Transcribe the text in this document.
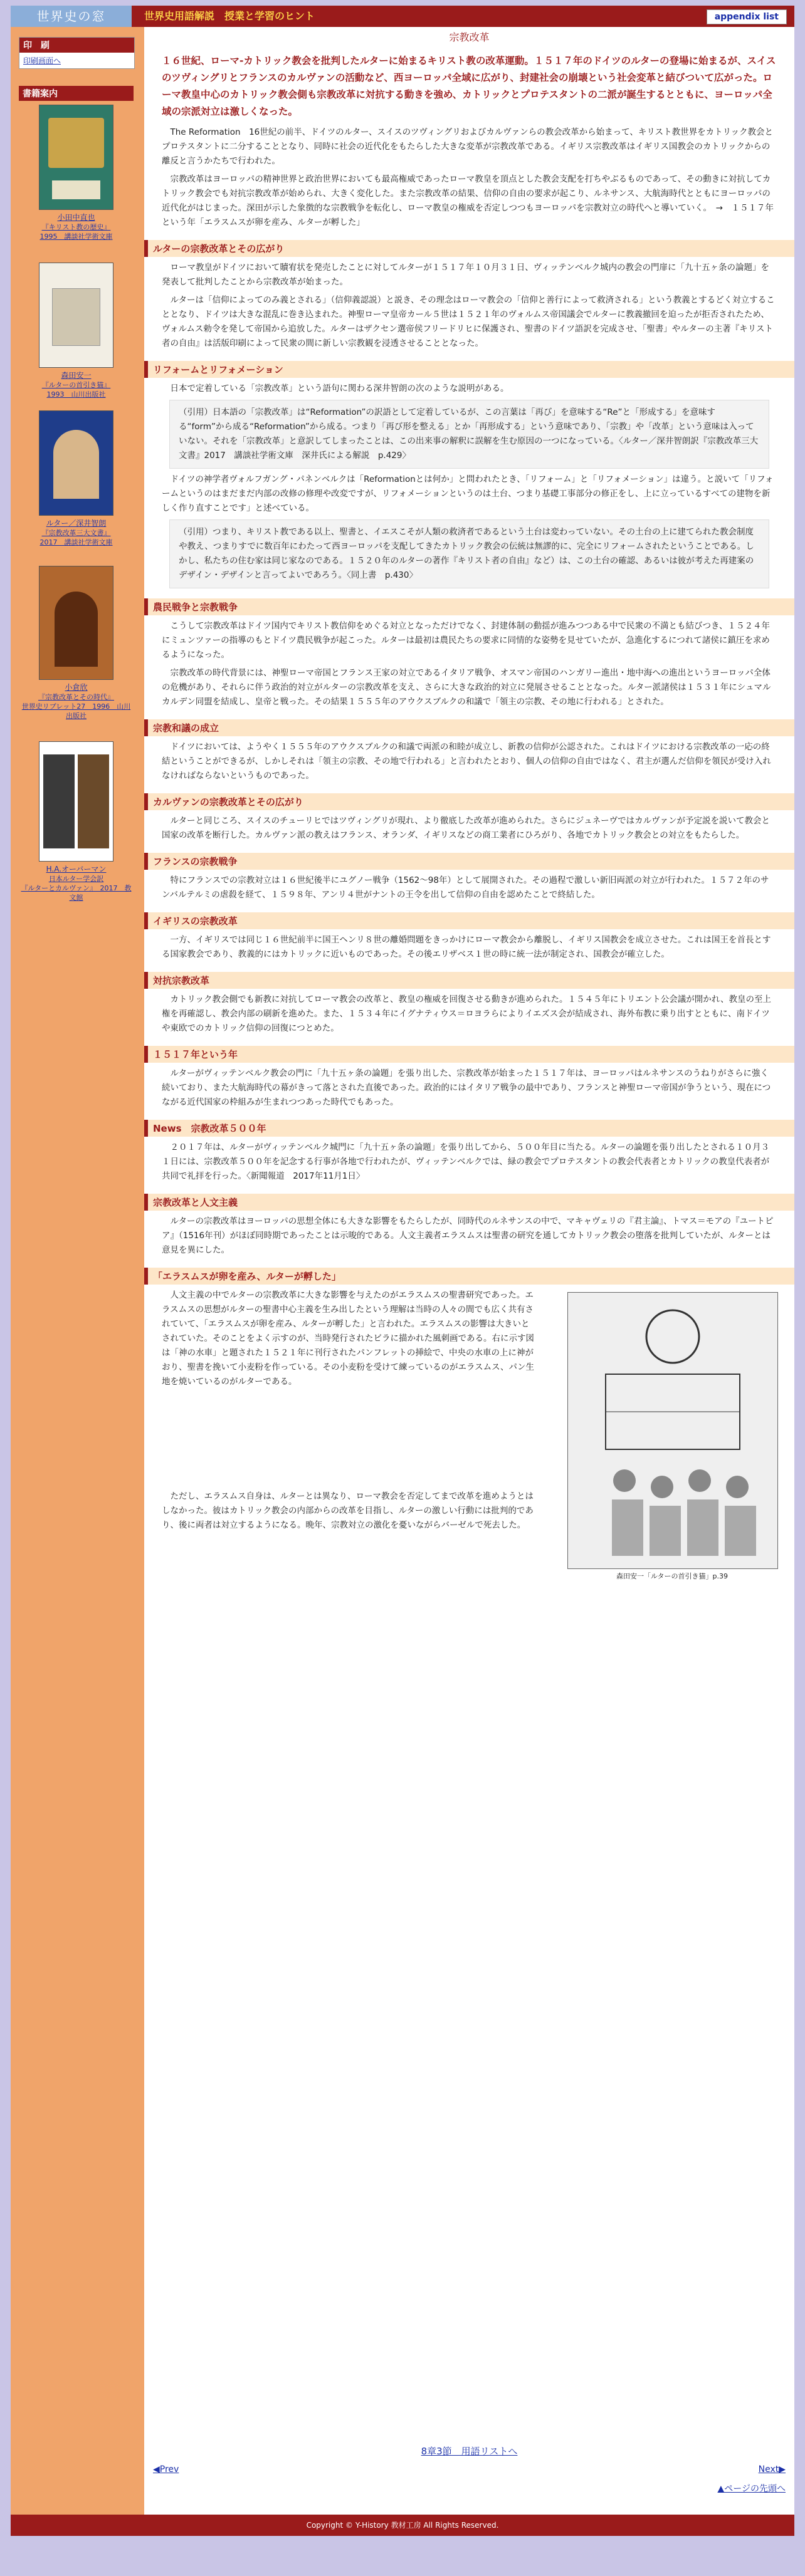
世界史の窓	世界史用語解説　授業と学習のヒント	appendix list
印　刷
印刷画面へ
書籍案内
小田中直也
『キリスト教の歴史』
1995　講談社学術文庫
森田安一
『ルターの首引き猫』
1993　山川出版社
ルター／深井智朗
『宗教改革三大文書』
2017　講談社学術文庫
小倉欣
『宗教改革とその時代』
世界史リブレット27　1996　山川出版社

H.A.オーバーマン
日本ルター学会訳
『ルターとカルヴァン』　2017　教文館
宗教改革
１６世紀、ローマ-カトリック教会を批判したルターに始まるキリスト教の改革運動。１５１７年のドイツのルターの登場に始まるが、スイスのツヴィングリとフランスのカルヴァンの活動など、西ヨーロッパ全域に広がり、封建社会の崩壊という社会変革と結びついて広がった。ローマ教皇中心のカトリック教会側も宗教改革に対抗する動きを強め、カトリックとプロテスタントの二派が誕生するとともに、ヨーロッパ全域の宗派対立は激しくなった。
The Reformation　16世紀の前半、ドイツのルター、スイスのツヴィングリおよびカルヴァンらの教会改革から始まって、キリスト教世界をカトリック教会とプロテスタントに二分することとなり、同時に社会の近代化をもたらした大きな変革が宗教改革である。イギリス宗教改革はイギリス国教会のカトリックからの離反と言うかたちで行われた。
宗教改革はヨーロッパの精神世界と政治世界においても最高権威であったローマ教皇を頂点とした教会支配を打ちやぶるものであって、その動きに対抗してカトリック教会でも対抗宗教改革が始められ、大きく変化した。また宗教改革の結果、信仰の自由の要求が起こり、ルネサンス、大航海時代とともにヨーロッパの近代化がはじまった。深田が示した象徴的な宗教戦争を転化し、ローマ教皇の権威を否定しつつもヨーロッパを宗教対立の時代へと導いていく。　→　１５１７年という年「エラスムスが卵を産み、ルターが孵した」
ルターの宗教改革とその広がり
ローマ教皇がドイツにおいて贖宥状を発売したことに対してルターが１５１７年１０月３１日、ヴィッテンベルク城内の教会の門扉に「九十五ヶ条の論題」を発表して批判したことから宗教改革が始まった。
ルターは「信仰によってのみ義とされる」（信仰義認説）と説き、その理念はローマ教会の「信仰と善行によって救済される」という教義とするどく対立することとなり、ドイツは大きな混乱に巻き込まれた。神聖ローマ皇帝カール５世は１５２１年のヴォルムス帝国議会でルターに教義撤回を迫ったが拒否されたため、ヴォルムス勅令を発して帝国から追放した。ルターはザクセン選帝侯フリードリヒに保護され、聖書のドイツ語訳を完成させ、「聖書」やルターの主著『キリスト者の自由』は活版印刷によって民衆の間に新しい宗教観を浸透させることとなった。
リフォームとリフォメーション
日本で定着している「宗教改革」という語句に関わる深井智朗の次のような説明がある。
（引用）日本語の「宗教改革」は“Reformation”の訳語として定着しているが、この言葉は「再び」を意味する“Re”と「形成する」を意味する“form”から成る“Reformation”から成る。つまり「再び形を整える」とか「再形成する」という意味であり、「宗教」や「改革」という意味は入っていない。それを「宗教改革」と意訳してしまったことは、この出来事の解釈に誤解を生む原因の一つになっている。〈ルター／深井智朗訳『宗教改革三大文書』2017　講談社学術文庫　深井氏による解説　p.429〉
ドイツの神学者ヴォルフガング・パネンベルクは「Reformationとは何か」と問われたとき、「リフォーム」と「リフォメーション」は違う。と説いて「リフォームというのはまだまだ内部の改修の修理や改変ですが、リフォメーションというのは土台、つまり基礎工事部分の修正をし、上に立っているすべての建物を新しく作り直すことです」と述べている。
（引用）つまり、キリスト教である以上、聖書と、イエスこそが人類の救済者であるという土台は変わっていない。その土台の上に建てられた教会制度や教え、つまりすでに数百年にわたって西ヨーロッパを支配してきたカトリック教会の伝統は無謬的に、完全にリフォームされたということである。しかし、私たちの住む家は同じ家なのである。１５２０年のルターの著作『キリスト者の自由』など）は、この土台の確認、あるいは彼が考えた再建案のデザイン・デザインと言ってよいであろう。〈同上書　p.430〉
農民戦争と宗教戦争
こうして宗教改革はドイツ国内でキリスト教信仰をめぐる対立となっただけでなく、封建体制の動揺が進みつつある中で民衆の不満とも結びつき、１５２４年にミュンツァーの指導のもとドイツ農民戦争が起こった。ルターは最初は農民たちの要求に同情的な姿勢を見せていたが、急進化するにつれて諸侯に鎮圧を求めるようになった。
宗教改革の時代背景には、神聖ローマ帝国とフランス王家の対立であるイタリア戦争、オスマン帝国のハンガリー進出・地中海への進出というヨーロッパ全体の危機があり、それらに伴う政治的対立がルターの宗教改革を支え、さらに大きな政治的対立に発展させることとなった。ルター派諸侯は１５３１年にシュマルカルデン同盟を結成し、皇帝と戦った。その結果１５５５年のアウクスブルクの和議で「領主の宗教、その地に行われる」とされた。
宗教和議の成立
ドイツにおいては、ようやく１５５５年のアウクスブルクの和議で両派の和睦が成立し、新教の信仰が公認された。これはドイツにおける宗教改革の一応の終結ということができるが、しかしそれは「領主の宗教、その地で行われる」と言われたとおり、個人の信仰の自由ではなく、君主が選んだ信仰を領民が受け入れなければならないというものであった。
カルヴァンの宗教改革とその広がり
ルターと同じころ、スイスのチューリヒではツヴィングリが現れ、より徹底した改革が進められた。さらにジュネーヴではカルヴァンが予定説を説いて教会と国家の改革を断行した。カルヴァン派の教えはフランス、オランダ、イギリスなどの商工業者にひろがり、各地でカトリック教会との対立をもたらした。
フランスの宗教戦争
特にフランスでの宗教対立は１６世紀後半にユグノー戦争（1562〜98年）として展開された。その過程で激しい新旧両派の対立が行われた。１５７２年のサンバルテルミの虐殺を経て、１５９８年、アンリ４世がナントの王令を出して信仰の自由を認めたことで終結した。
イギリスの宗教改革
一方、イギリスでは同じ１６世紀前半に国王ヘンリ８世の離婚問題をきっかけにローマ教会から離脱し、イギリス国教会を成立させた。これは国王を首長とする国家教会であり、教義的にはカトリックに近いものであった。その後エリザベス１世の時に統一法が制定され、国教会が確立した。
対抗宗教改革
カトリック教会側でも新教に対抗してローマ教会の改革と、教皇の権威を回復させる動きが進められた。１５４５年にトリエント公会議が開かれ、教皇の至上権を再確認し、教会内部の刷新を進めた。また、１５３４年にイグナティウス＝ロヨラらによりイエズス会が結成され、海外布教に乗り出すとともに、南ドイツや東欧でのカトリック信仰の回復につとめた。
１５１７年という年
ルターがヴィッテンベルク教会の門に「九十五ヶ条の論題」を張り出した、宗教改革が始まった１５１７年は、ヨーロッパはルネサンスのうねりがさらに強く続いており、また大航海時代の幕がきって落とされた直後であった。政治的にはイタリア戦争の最中であり、フランスと神聖ローマ帝国が争うという、現在につながる近代国家の枠組みが生まれつつあった時代でもあった。
News　宗教改革５００年
２０１７年は、ルターがヴィッテンベルク城門に「九十五ヶ条の論題」を張り出してから、５００年目に当たる。ルターの論題を張り出したとされる１０月３１日には、宗教改革５００年を記念する行事が各地で行われたが、ヴィッテンベルクでは、緑の教会でプロテスタントの教会代表者とカトリックの教皇代表者が共同で礼拝を行った。〈新聞報道　2017年11月1日〉
宗教改革と人文主義
ルターの宗教改革はヨーロッパの思想全体にも大きな影響をもたらしたが、同時代のルネサンスの中で、マキャヴェリの『君主論』、トマス＝モアの『ユートピア』（1516年刊）がほぼ同時期であったことは示唆的である。人文主義者エラスムスは聖書の研究を通してカトリック教会の堕落を批判していたが、ルターとは意見を異にした。
「エラスムスが卵を産み、ルターが孵した」
森田安一「ルターの首引き猫」p.39
人文主義の中でルターの宗教改革に大きな影響を与えたのがエラスムスの聖書研究であった。エラスムスの思想がルターの聖書中心主義を生み出したという理解は当時の人々の間でも広く共有されていて、「エラスムスが卵を産み、ルターが孵した」と言われた。エラスムスの影響は大きいとされていた。そのことをよく示すのが、当時発行されたビラに描かれた風刺画である。右に示す図は「神の水車」と題された１５２１年に刊行されたパンフレットの挿絵で、中央の水車の上に神がおり、聖書を挽いて小麦粉を作っている。その小麦粉を受けて練っているのがエラスムス、パン生地を焼いているのがルターである。
ただし、エラスムス自身は、ルターとは異なり、ローマ教会を否定してまで改革を進めようとはしなかった。彼はカトリック教会の内部からの改革を目指し、ルターの激しい行動には批判的であり、後に両者は対立するようになる。晩年、宗教対立の激化を憂いながらバーゼルで死去した。
8章3節　用語リストへ
◀Prev	Next▶
▲ページの先頭へ
Copyright © Y-History 教材工房 All Rights Reserved.
